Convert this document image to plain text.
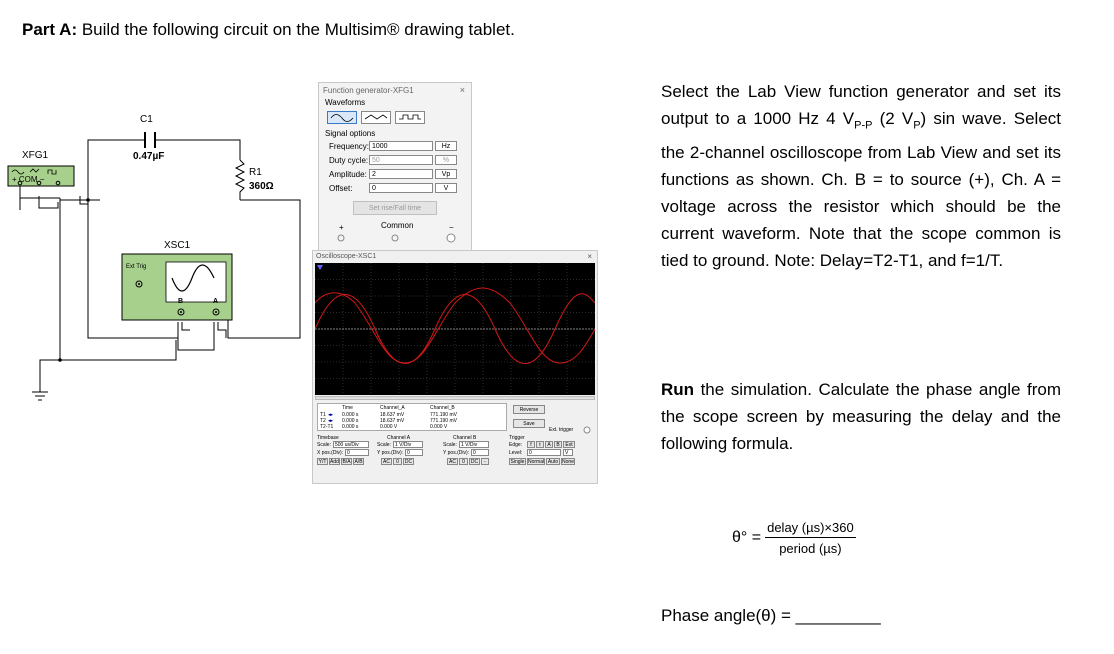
Part A: Build the following circuit on the Multisim® drawing tablet.
C1
0.47µF
XFG1
+ COM −
R1
360Ω
XSC1
Ext Trig
B	A
Function generator-XFG1	×
Waveforms
Signal options
Frequency: 1000	Hz
Duty cycle: 50	%
Amplitude: 2	Vp
Offset:	0	V
Set rise/Fall time
+	Common	−
Oscilloscope-XSC1	×
Time	Channel_A	Channel_B
T1 ◂▸ 0.000 s	18.637 mV	771.190 mV
T2 ◂▸ 0.000 s	18.637 mV	771.190 mV
T2-T1 0.000 s	0.000 V	0.000 V
Reverse
Save
Ext. trigger
Timebase
Scale: 500 us/Div
X pos.(Div): 0
Y/T Add B/A A/B
Channel A
Scale: 1 V/Div
Y pos.(Div): 0
AC	0	DC
Channel B
Scale: 1 V/Div
Y pos.(Div): 0
AC	0	DC	-
Trigger
Edge:	f	t	A	B	Ext
Level:	0	V
Single Normal Auto None
Select the Lab View function generator and set its output to a 1000 Hz 4 $V_{P-P}$ (2 $V_P$) sin wave. Select the 2-channel oscilloscope from Lab View and set its functions as shown. Ch. B = to source (+), Ch. A = voltage across the resistor which should be the current waveform. Note that the scope common is tied to ground. Note: Delay=T2-T1, and f=1/T.
Run the simulation. Calculate the phase angle from the scope screen by measuring the delay and the following formula.
$\theta^\circ = \frac{\text{delay (µs)×360}}{\text{period (µs)}}$
Phase angle(θ) = _________
